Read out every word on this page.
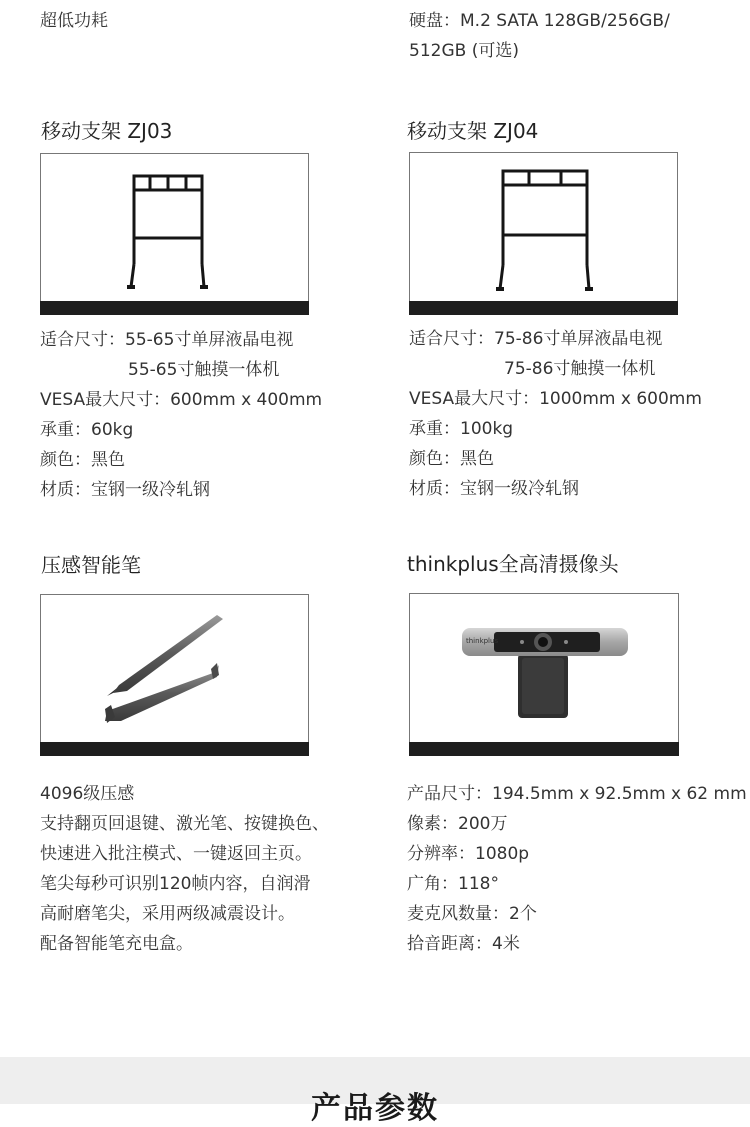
超低功耗	硬盘：M.2 SATA 128GB/256GB/
512GB (可选)
移动支架 ZJ03
适合尺寸：55-65寸单屏液晶电视
55-65寸触摸一体机
VESA最大尺寸：600mm x 400mm
承重：60kg
颜色：黑色
材质：宝钢一级冷轧钢
移动支架 ZJ04
适合尺寸：75-86寸单屏液晶电视
75-86寸触摸一体机
VESA最大尺寸：1000mm x 600mm
承重：100kg
颜色：黑色
材质：宝钢一级冷轧钢
压感智能笔
4096级压感
支持翻页回退键、激光笔、按键换色、
快速进入批注模式、一键返回主页。
笔尖每秒可识别120帧内容，自润滑
高耐磨笔尖，采用两级减震设计。
配备智能笔充电盒。
thinkplus全高清摄像头
thinkplus
产品尺寸：194.5mm x 92.5mm x 62 mm
像素：200万
分辨率：1080p
广角：118°
麦克风数量：2个
拾音距离：4米
产品参数
